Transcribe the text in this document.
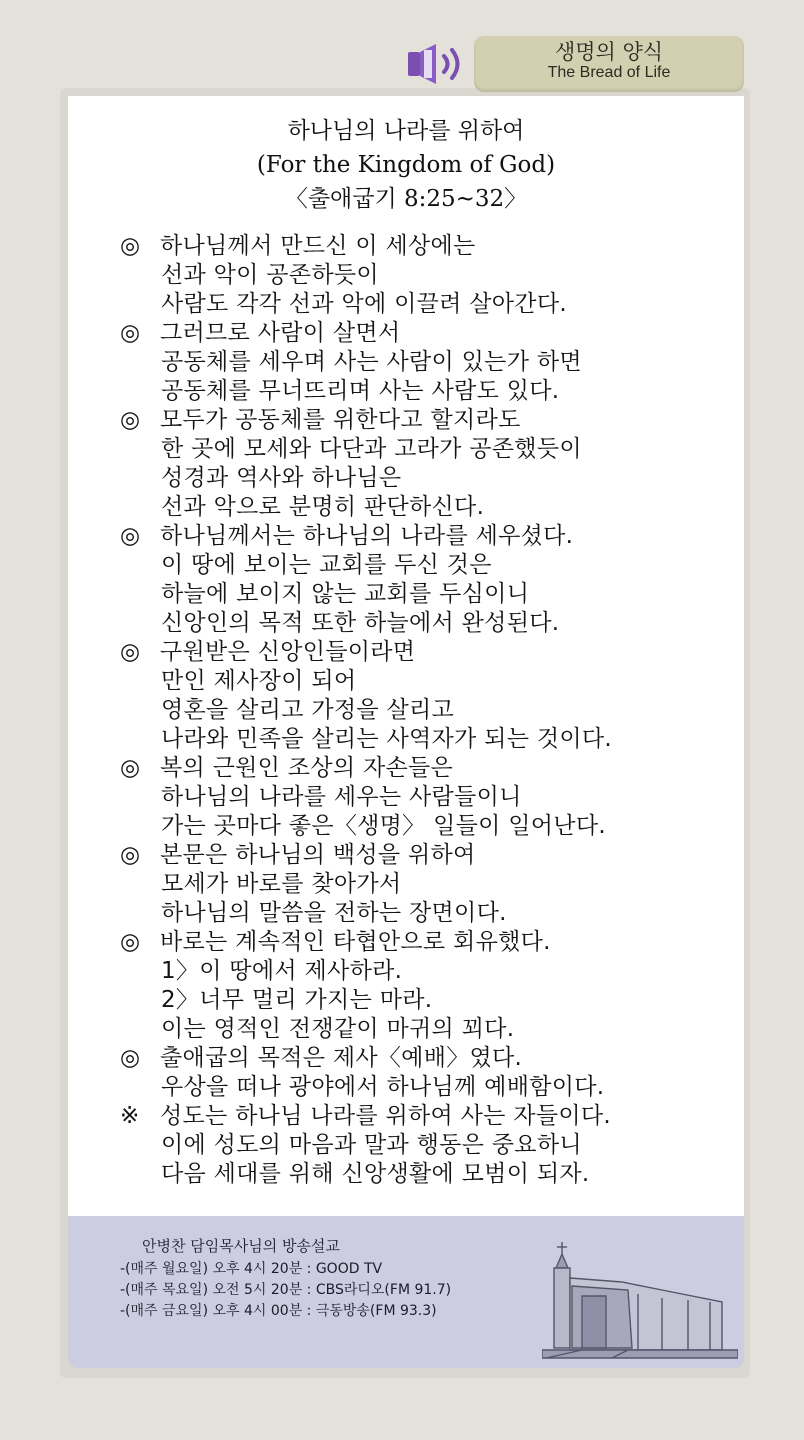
생명의 양식
The Bread of Life
하나님의 나라를 위하여
(For the Kingdom of God)
〈출애굽기 8:25~32〉
◎ 하나님께서 만드신 이 세상에는
선과 악이 공존하듯이
사람도 각각 선과 악에 이끌려 살아간다.
◎ 그러므로 사람이 살면서
공동체를 세우며 사는 사람이 있는가 하면
공동체를 무너뜨리며 사는 사람도 있다.
◎ 모두가 공동체를 위한다고 할지라도
한 곳에 모세와 다단과 고라가 공존했듯이
성경과 역사와 하나님은
선과 악으로 분명히 판단하신다.
◎ 하나님께서는 하나님의 나라를 세우셨다.
이 땅에 보이는 교회를 두신 것은
하늘에 보이지 않는 교회를 두심이니
신앙인의 목적 또한 하늘에서 완성된다.
◎ 구원받은 신앙인들이라면
만인 제사장이 되어
영혼을 살리고 가정을 살리고
나라와 민족을 살리는 사역자가 되는 것이다.
◎ 복의 근원인 조상의 자손들은
하나님의 나라를 세우는 사람들이니
가는 곳마다 좋은〈생명〉 일들이 일어난다.
◎ 본문은 하나님의 백성을 위하여
모세가 바로를 찾아가서
하나님의 말씀을 전하는 장면이다.
◎ 바로는 계속적인 타협안으로 회유했다.
1〉이 땅에서 제사하라.
2〉너무 멀리 가지는 마라.
이는 영적인 전쟁같이 마귀의 꾀다.
◎ 출애굽의 목적은 제사〈예배〉였다.
우상을 떠나 광야에서 하나님께 예배함이다.
※ 성도는 하나님 나라를 위하여 사는 자들이다.
이에 성도의 마음과 말과 행동은 중요하니
다음 세대를 위해 신앙생활에 모범이 되자.
안병찬 담임목사님의 방송설교
-(매주 월요일) 오후 4시 20분 : GOOD TV
-(매주 목요일) 오전 5시 20분 : CBS라디오(FM 91.7)
-(매주 금요일) 오후 4시 00분 : 극동방송(FM 93.3)
